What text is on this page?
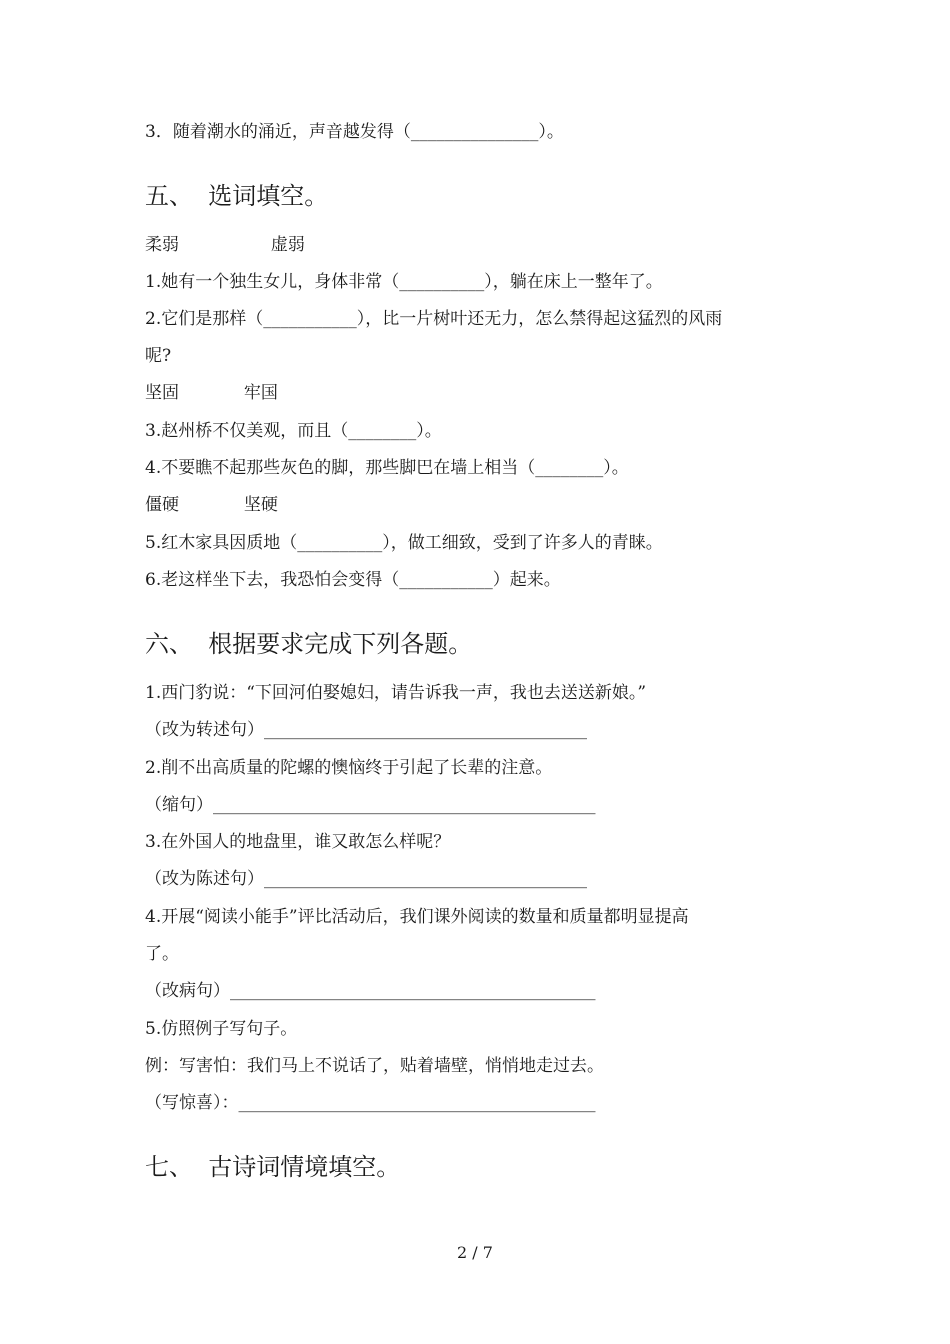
3．随着潮水的涌近，声音越发得（_______________）。
五、  选词填空。
柔弱                 虚弱
1.她有一个独生女儿，身体非常（__________），躺在床上一整年了。
2.它们是那样（___________），比一片树叶还无力，怎么禁得起这猛烈的风雨
呢?
坚固            牢国
3.赵州桥不仅美观，而且（________）。
4.不要瞧不起那些灰色的脚，那些脚巴在墙上相当（________）。
僵硬            坚硬
5.红木家具因质地（__________），做工细致，受到了许多人的青睐。
6.老这样坐下去，我恐怕会变得（___________）起来。
六、  根据要求完成下列各题。
1.西门豹说：“下回河伯娶媳妇，请告诉我一声，我也去送送新娘。”
（改为转述句）______________________________________
2.削不出高质量的陀螺的懊恼终于引起了长辈的注意。
（缩句）_____________________________________________
3.在外国人的地盘里，谁又敢怎么样呢？
（改为陈述句）______________________________________
4.开展“阅读小能手”评比活动后，我们课外阅读的数量和质量都明显提高
了。
（改病句）___________________________________________
5.仿照例子写句子。
例：写害怕：我们马上不说话了，贴着墙壁，悄悄地走过去。
（写惊喜）：__________________________________________
七、  古诗词情境填空。
2 / 7
